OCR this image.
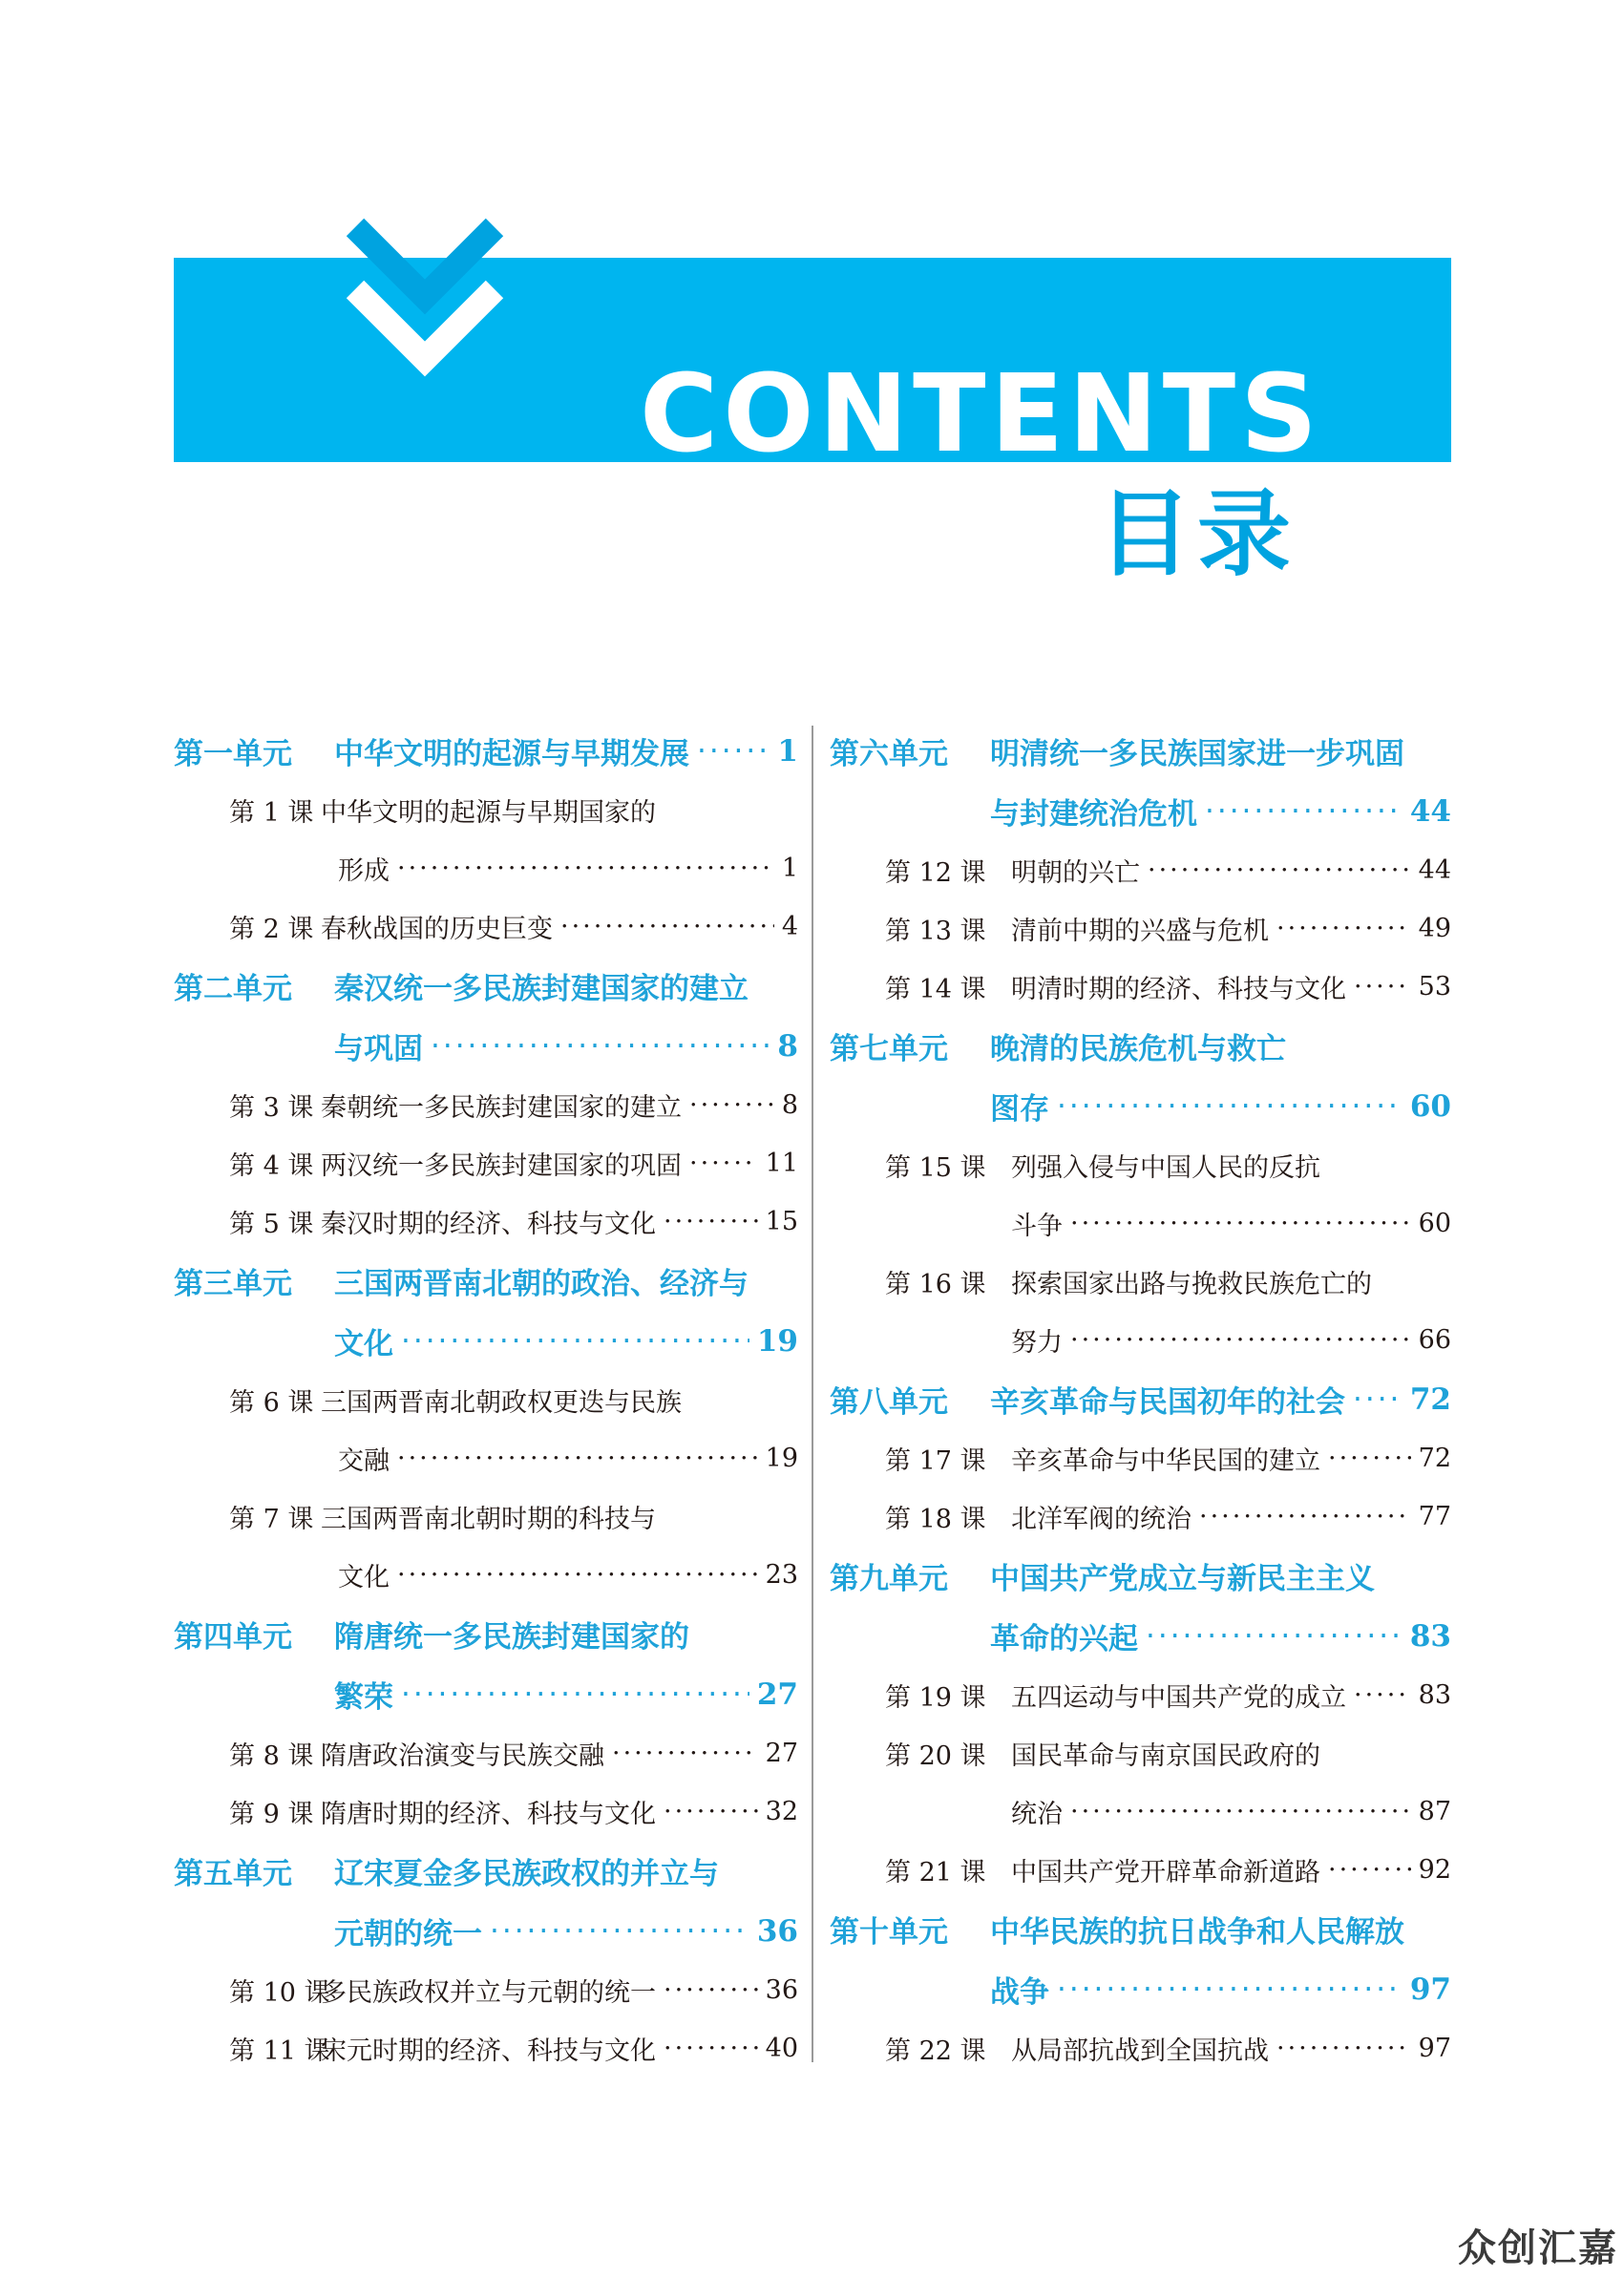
CONTENTS
目录
第一单元	中华文明的起源与早期发展 ·····	1
第 1 课 中华文明的起源与早期国家的
形成 ·····	1
第 2 课 春秋战国的历史巨变 ·····	4
第二单元	秦汉统一多民族封建国家的建立
与巩固 ·····	8
第 3 课 秦朝统一多民族封建国家的建立 ·····	8
第 4 课 两汉统一多民族封建国家的巩固 ·····	11
第 5 课 秦汉时期的经济、科技与文化 ·····	15
第三单元	三国两晋南北朝的政治、经济与
文化 ·····	19
第 6 课 三国两晋南北朝政权更迭与民族
交融 ·····	19
第 7 课 三国两晋南北朝时期的科技与
文化 ·····	23
第四单元	隋唐统一多民族封建国家的
繁荣 ·····	27
第 8 课 隋唐政治演变与民族交融 ·····	27
第 9 课 隋唐时期的经济、科技与文化 ·····	32
第五单元	辽宋夏金多民族政权的并立与
元朝的统一 ·····	36
第 10 课
多民族政权并立与元朝的统一 ·····	36
第 11 课
宋元时期的经济、科技与文化 ·····	40
第六单元	明清统一多民族国家进一步巩固
与封建统治危机 ·····	44
第 12 课 明朝的兴亡 ·····	44
第 13 课 清前中期的兴盛与危机 ·····	49
第 14 课 明清时期的经济、科技与文化 ·····	53
第七单元	晚清的民族危机与救亡
图存 ·····	60
第 15 课 列强入侵与中国人民的反抗
斗争 ·····	60
第 16 课 探索国家出路与挽救民族危亡的
努力 ·····	66
第八单元	辛亥革命与民国初年的社会 ····· 72
第 17 课 辛亥革命与中华民国的建立 ·····	72
第 18 课 北洋军阀的统治 ·····	77
第九单元	中国共产党成立与新民主主义
革命的兴起 ·····	83
第 19 课 五四运动与中国共产党的成立 ·····	83
第 20 课 国民革命与南京国民政府的
统治 ·····	87
第 21 课 中国共产党开辟革命新道路 ·····	92
第十单元	中华民族的抗日战争和人民解放
战争 ·····	97
第 22 课 从局部抗战到全国抗战 ·····	97
众创汇嘉
